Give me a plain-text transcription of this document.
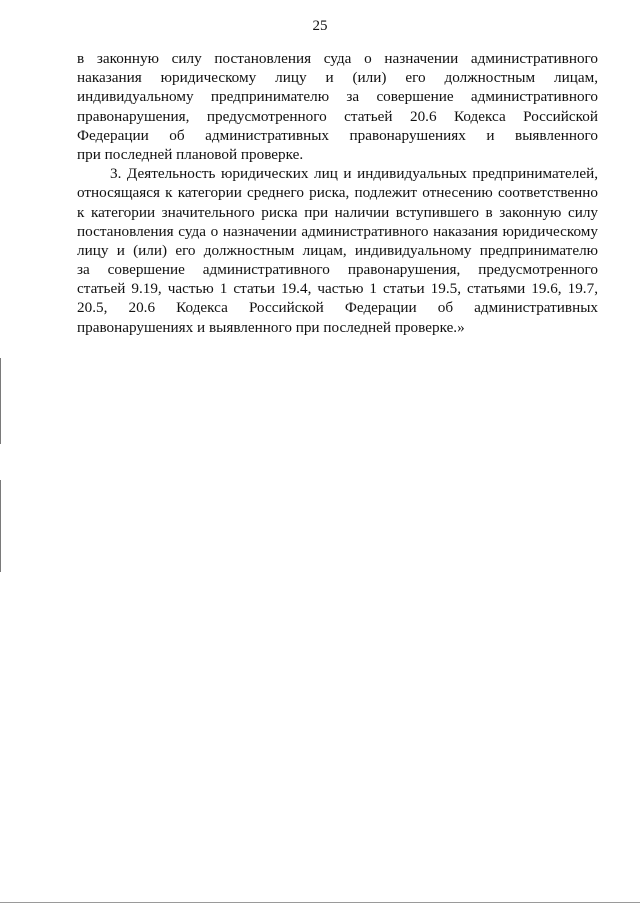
25
в законную силу постановления суда о назначении административного
наказания юридическому лицу и (или) его должностным лицам,
индивидуальному предпринимателю за совершение административного
правонарушения, предусмотренного статьей 20.6 Кодекса Российской
Федерации об административных правонарушениях и выявленного
при последней плановой проверке.
3. Деятельность юридических лиц и индивидуальных предпринимателей,
относящаяся к категории среднего риска, подлежит отнесению соответственно
к категории значительного риска при наличии вступившего в законную силу
постановления суда о назначении административного наказания юридическому
лицу и (или) его должностным лицам, индивидуальному предпринимателю
за совершение административного правонарушения, предусмотренного
статьей 9.19, частью 1 статьи 19.4, частью 1 статьи 19.5, статьями 19.6, 19.7,
20.5, 20.6 Кодекса Российской Федерации об административных
правонарушениях и выявленного при последней проверке.»
